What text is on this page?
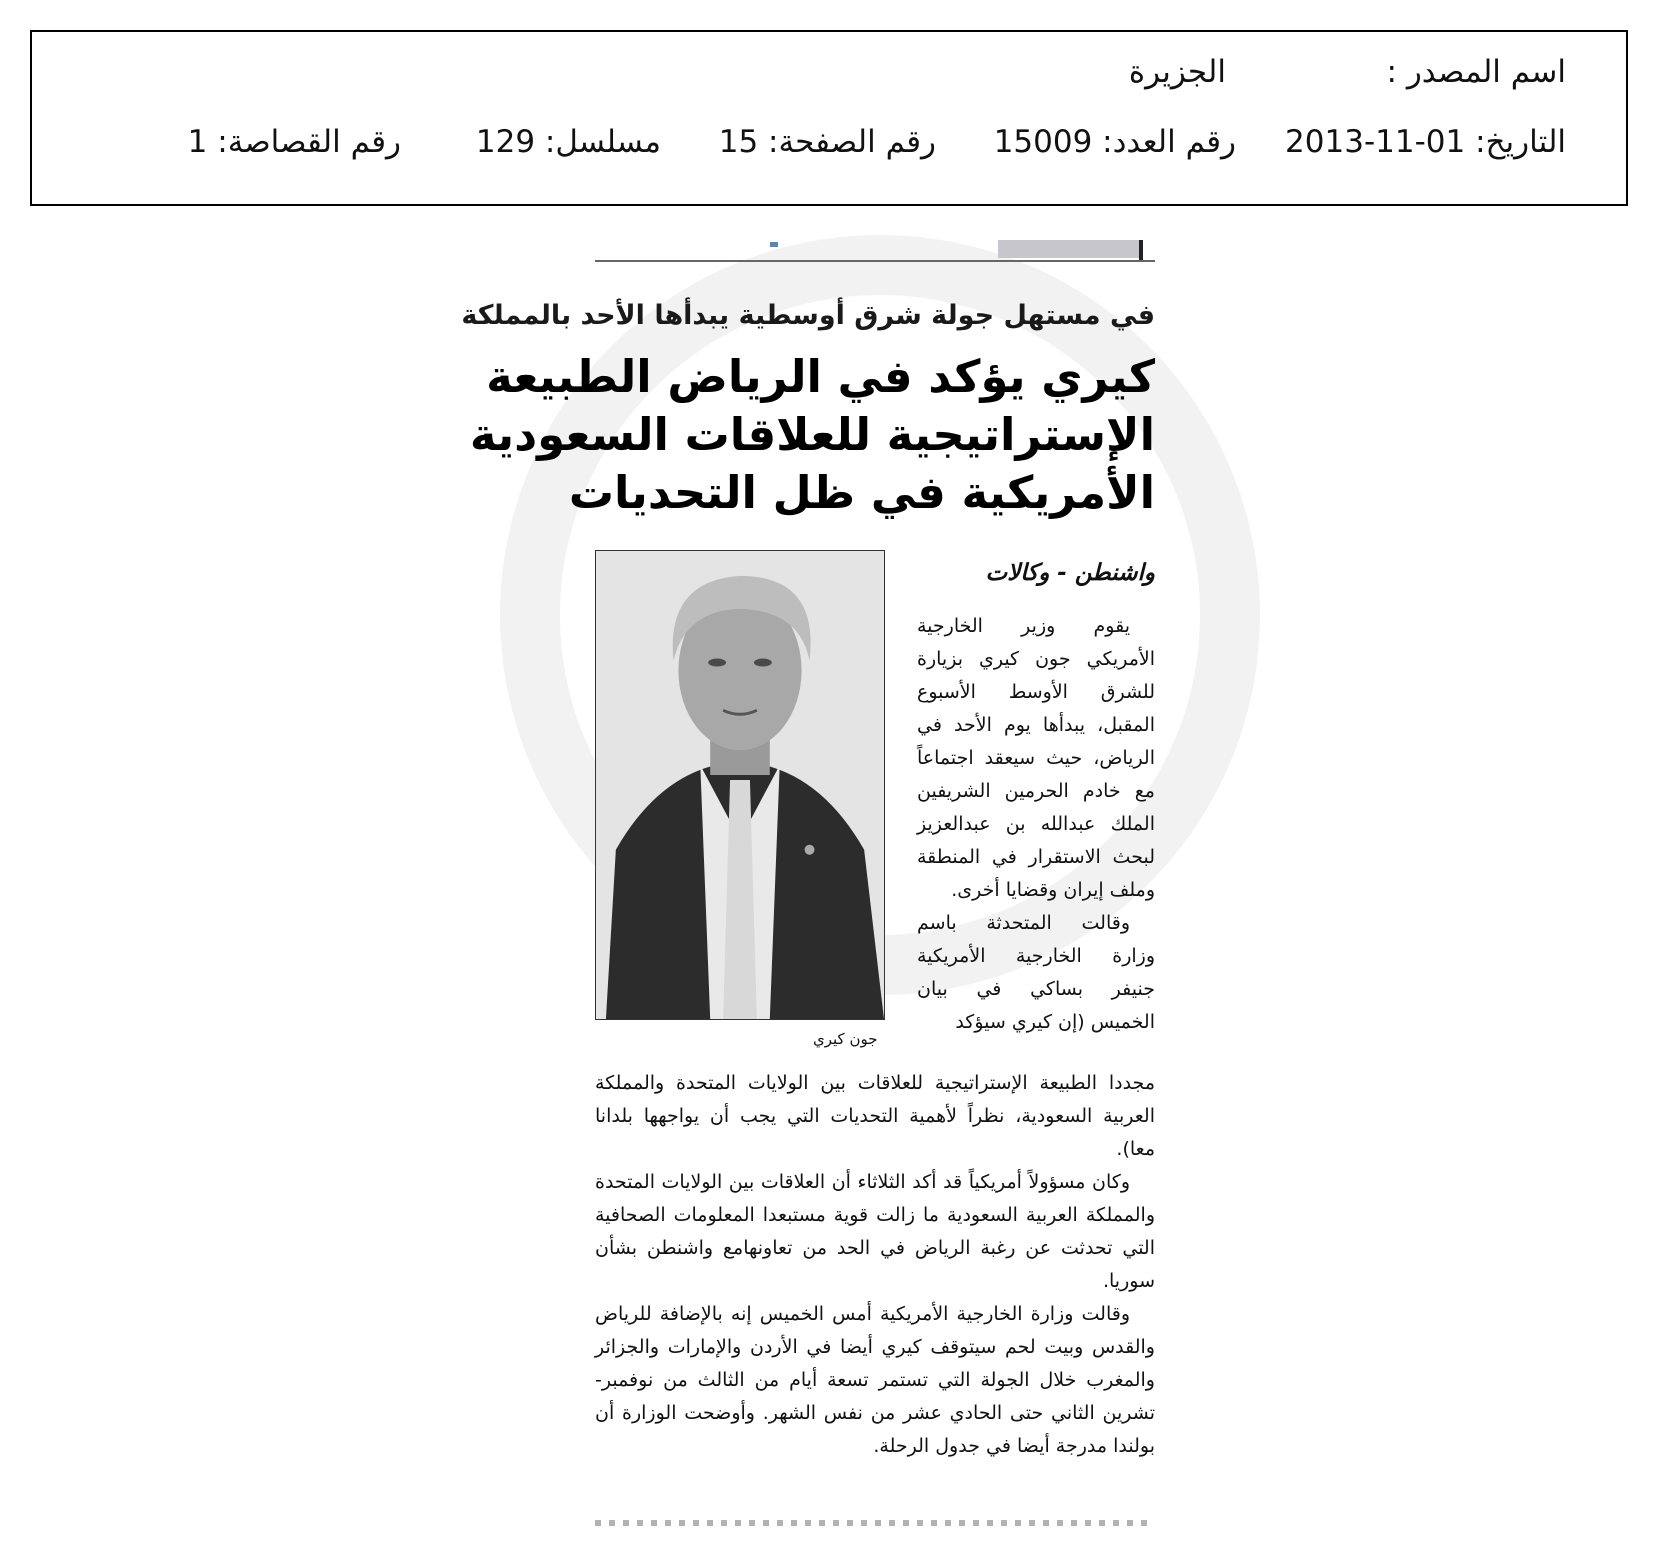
اسم المصدر :
الجزيرة
التاريخ: 01-11-2013
رقم العدد: 15009
رقم الصفحة: 15
مسلسل: 129
رقم القصاصة: 1
في مستهل جولة شرق أوسطية يبدأها الأحد بالمملكة
كيري يؤكد في الرياض الطبيعة
الإستراتيجية للعلاقات السعودية
الأمريكية في ظل التحديات
واشنطن - وكالات
جون كيري

يقوم وزير الخارجية الأمريكي جون كيري بزيارة للشرق الأوسط الأسبوع المقبل، يبدأها يوم الأحد في الرياض، حيث سيعقد اجتماعاً مع خادم الحرمين الشريفين الملك عبدالله بن عبدالعزيز لبحث الاستقرار في المنطقة وملف إيران وقضايا أخرى.

وقالت المتحدثة باسم وزارة الخارجية الأمريكية جنيفر بساكي في بيان الخميس (إن كيري سيؤكد

مجددا الطبيعة الإستراتيجية للعلاقات بين الولايات المتحدة والمملكة العربية السعودية، نظراً لأهمية التحديات التي يجب أن يواجهها بلدانا معا).

وكان مسؤولاً أمريكياً قد أكد الثلاثاء أن العلاقات بين الولايات المتحدة والمملكة العربية السعودية ما زالت قوية مستبعدا المعلومات الصحافية التي تحدثت عن رغبة الرياض في الحد من تعاونهامع واشنطن بشأن سوريا.

وقالت وزارة الخارجية الأمريكية أمس الخميس إنه بالإضافة للرياض والقدس وبيت لحم سيتوقف كيري أيضا في الأردن والإمارات والجزائر والمغرب خلال الجولة التي تستمر تسعة أيام من الثالث من نوفمبر- تشرين الثاني حتى الحادي عشر من نفس الشهر. وأوضحت الوزارة أن بولندا مدرجة أيضا في جدول الرحلة.
